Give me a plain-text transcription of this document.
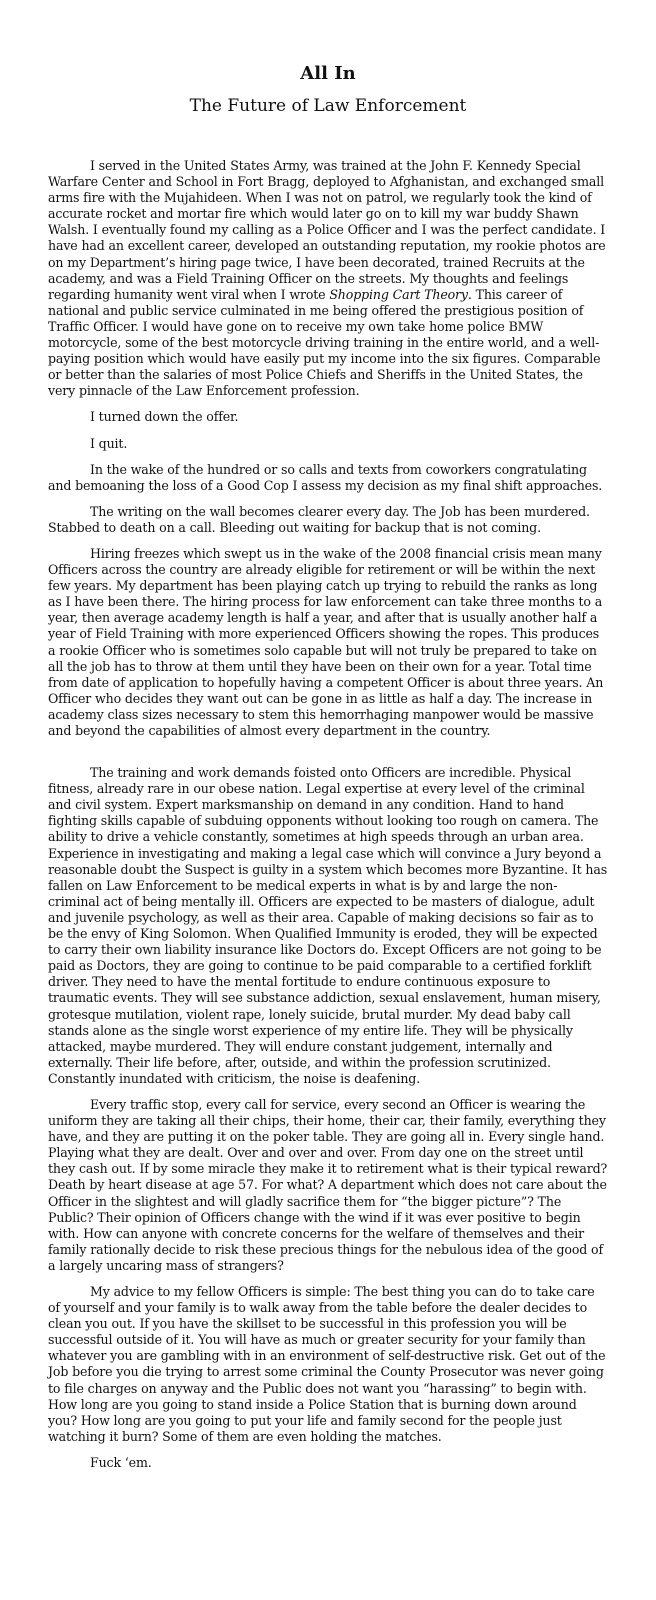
All In
The Future of Law Enforcement

I served in the United States Army, was trained at the John F. Kennedy Special Warfare Center and School in Fort Bragg, deployed to Afghanistan, and exchanged small arms fire with the Mujahideen. When I was not on patrol, we regularly took the kind of accurate rocket and mortar fire which would later go on to kill my war buddy Shawn Walsh. I eventually found my calling as a Police Officer and I was the perfect candidate. I have had an excellent career, developed an outstanding reputation, my rookie photos are on my Department’s hiring page twice, I have been decorated, trained Recruits at the academy, and was a Field Training Officer on the streets. My thoughts and feelings regarding humanity went viral when I wrote Shopping Cart Theory. This career of national and public service culminated in me being offered the prestigious position of Traffic Officer. I would have gone on to receive my own take home police BMW motorcycle, some of the best motorcycle driving training in the entire world, and a well-paying position which would have easily put my income into the six figures. Comparable or better than the salaries of most Police Chiefs and Sheriffs in the United States, the very pinnacle of the Law Enforcement profession.

I turned down the offer.

I quit.

In the wake of the hundred or so calls and texts from coworkers congratulating and bemoaning the loss of a Good Cop I assess my decision as my final shift approaches.

The writing on the wall becomes clearer every day. The Job has been murdered. Stabbed to death on a call. Bleeding out waiting for backup that is not coming.

Hiring freezes which swept us in the wake of the 2008 financial crisis mean many Officers across the country are already eligible for retirement or will be within the next few years. My department has been playing catch up trying to rebuild the ranks as long as I have been there. The hiring process for law enforcement can take three months to a year, then average academy length is half a year, and after that is usually another half a year of Field Training with more experienced Officers showing the ropes. This produces a rookie Officer who is sometimes solo capable but will not truly be prepared to take on all the job has to throw at them until they have been on their own for a year. Total time from date of application to hopefully having a competent Officer is about three years. An Officer who decides they want out can be gone in as little as half a day. The increase in academy class sizes necessary to stem this hemorrhaging manpower would be massive and beyond the capabilities of almost every department in the country.

The training and work demands foisted onto Officers are incredible. Physical fitness, already rare in our obese nation. Legal expertise at every level of the criminal and civil system. Expert marksmanship on demand in any condition. Hand to hand fighting skills capable of subduing opponents without looking too rough on camera. The ability to drive a vehicle constantly, sometimes at high speeds through an urban area. Experience in investigating and making a legal case which will convince a Jury beyond a reasonable doubt the Suspect is guilty in a system which becomes more Byzantine. It has fallen on Law Enforcement to be medical experts in what is by and large the non-criminal act of being mentally ill. Officers are expected to be masters of dialogue, adult and juvenile psychology, as well as their area. Capable of making decisions so fair as to be the envy of King Solomon. When Qualified Immunity is eroded, they will be expected to carry their own liability insurance like Doctors do. Except Officers are not going to be paid as Doctors, they are going to continue to be paid comparable to a certified forklift driver. They need to have the mental fortitude to endure continuous exposure to traumatic events. They will see substance addiction, sexual enslavement, human misery, grotesque mutilation, violent rape, lonely suicide, brutal murder. My dead baby call stands alone as the single worst experience of my entire life. They will be physically attacked, maybe murdered. They will endure constant judgement, internally and externally. Their life before, after, outside, and within the profession scrutinized. Constantly inundated with criticism, the noise is deafening.

Every traffic stop, every call for service, every second an Officer is wearing the uniform they are taking all their chips, their home, their car, their family, everything they have, and they are putting it on the poker table. They are going all in. Every single hand. Playing what they are dealt. Over and over and over. From day one on the street until they cash out. If by some miracle they make it to retirement what is their typical reward? Death by heart disease at age 57. For what? A department which does not care about the Officer in the slightest and will gladly sacrifice them for “the bigger picture”? The Public? Their opinion of Officers change with the wind if it was ever positive to begin with. How can anyone with concrete concerns for the welfare of themselves and their family rationally decide to risk these precious things for the nebulous idea of the good of a largely uncaring mass of strangers?

My advice to my fellow Officers is simple: The best thing you can do to take care of yourself and your family is to walk away from the table before the dealer decides to clean you out. If you have the skillset to be successful in this profession you will be successful outside of it. You will have as much or greater security for your family than whatever you are gambling with in an environment of self-destructive risk. Get out of the Job before you die trying to arrest some criminal the County Prosecutor was never going to file charges on anyway and the Public does not want you “harassing” to begin with. How long are you going to stand inside a Police Station that is burning down around you? How long are you going to put your life and family second for the people just watching it burn? Some of them are even holding the matches.

Fuck ‘em.
